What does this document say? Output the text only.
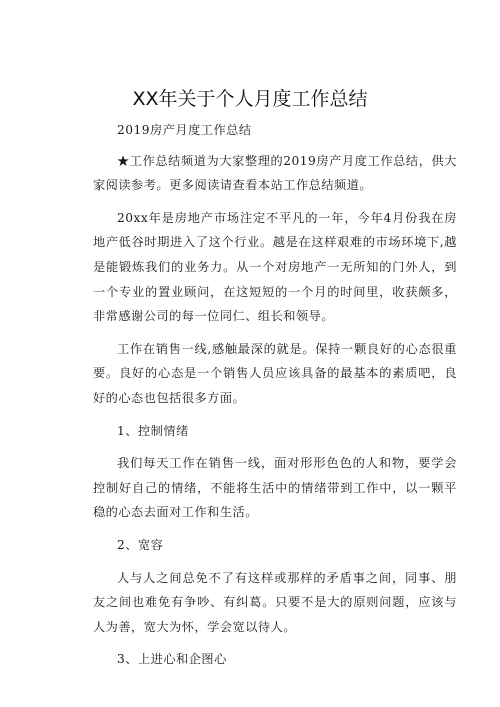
XX年关于个人月度工作总结

2019房产月度工作总结

★工作总结频道为大家整理的2019房产月度工作总结，供大家阅读参考。更多阅读请查看本站工作总结频道。

20xx年是房地产市场注定不平凡的一年，今年4月份我在房地产低谷时期进入了这个行业。越是在这样艰难的市场环境下,越是能锻炼我们的业务力。从一个对房地产一无所知的门外人，到一个专业的置业顾问，在这短短的一个月的时间里，收获颇多，非常感谢公司的每一位同仁、组长和领导。

工作在销售一线,感触最深的就是。保持一颗良好的心态很重要。良好的心态是一个销售人员应该具备的最基本的素质吧，良好的心态也包括很多方面。

1、控制情绪

我们每天工作在销售一线，面对形形色色的人和物，要学会控制好自己的情绪，不能将生活中的情绪带到工作中，以一颗平稳的心态去面对工作和生活。

2、宽容

人与人之间总免不了有这样或那样的矛盾事之间，同事、朋友之间也难免有争吵、有纠葛。只要不是大的原则问题，应该与人为善，宽大为怀，学会宽以待人。

3、上进心和企图心
